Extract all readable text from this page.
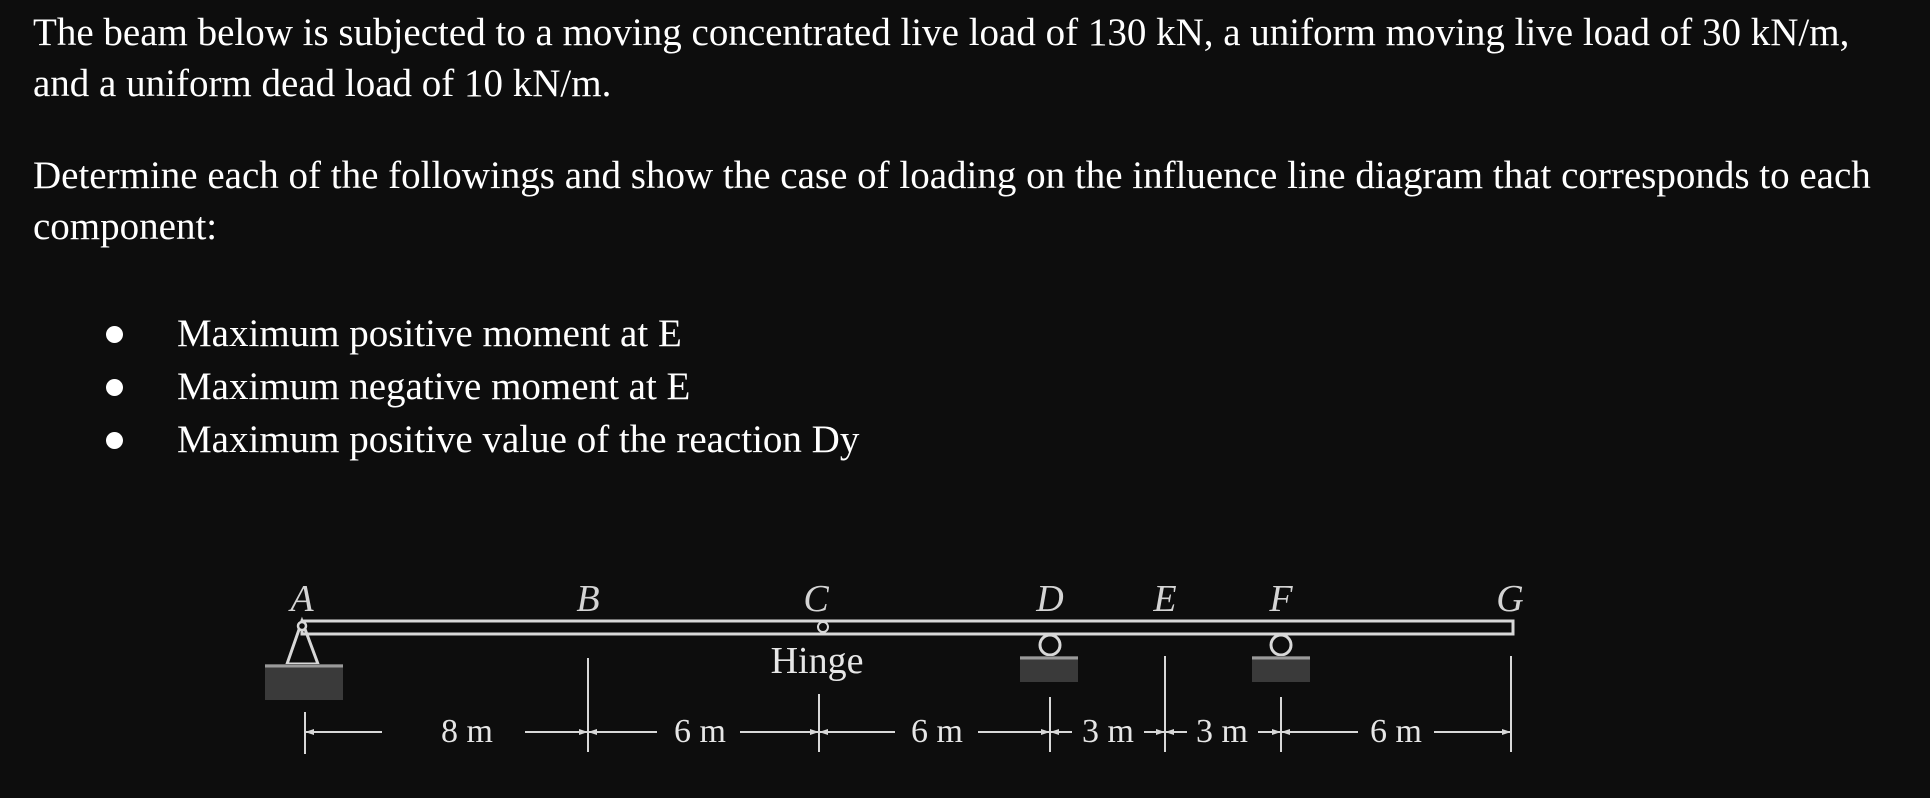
The beam below is subjected to a moving concentrated live load of 130 kN, a uniform moving live load of 30 kN/m, and a uniform dead load of 10 kN/m.

Determine each of the followings and show the case of loading on the influence line diagram that corresponds to each component:

Maximum positive moment at E
Maximum negative moment at E
Maximum positive value of the reaction Dy
A	B	C	D E F	G
Hinge
8 m	6 m	6 m	3 m 3 m	6 m
